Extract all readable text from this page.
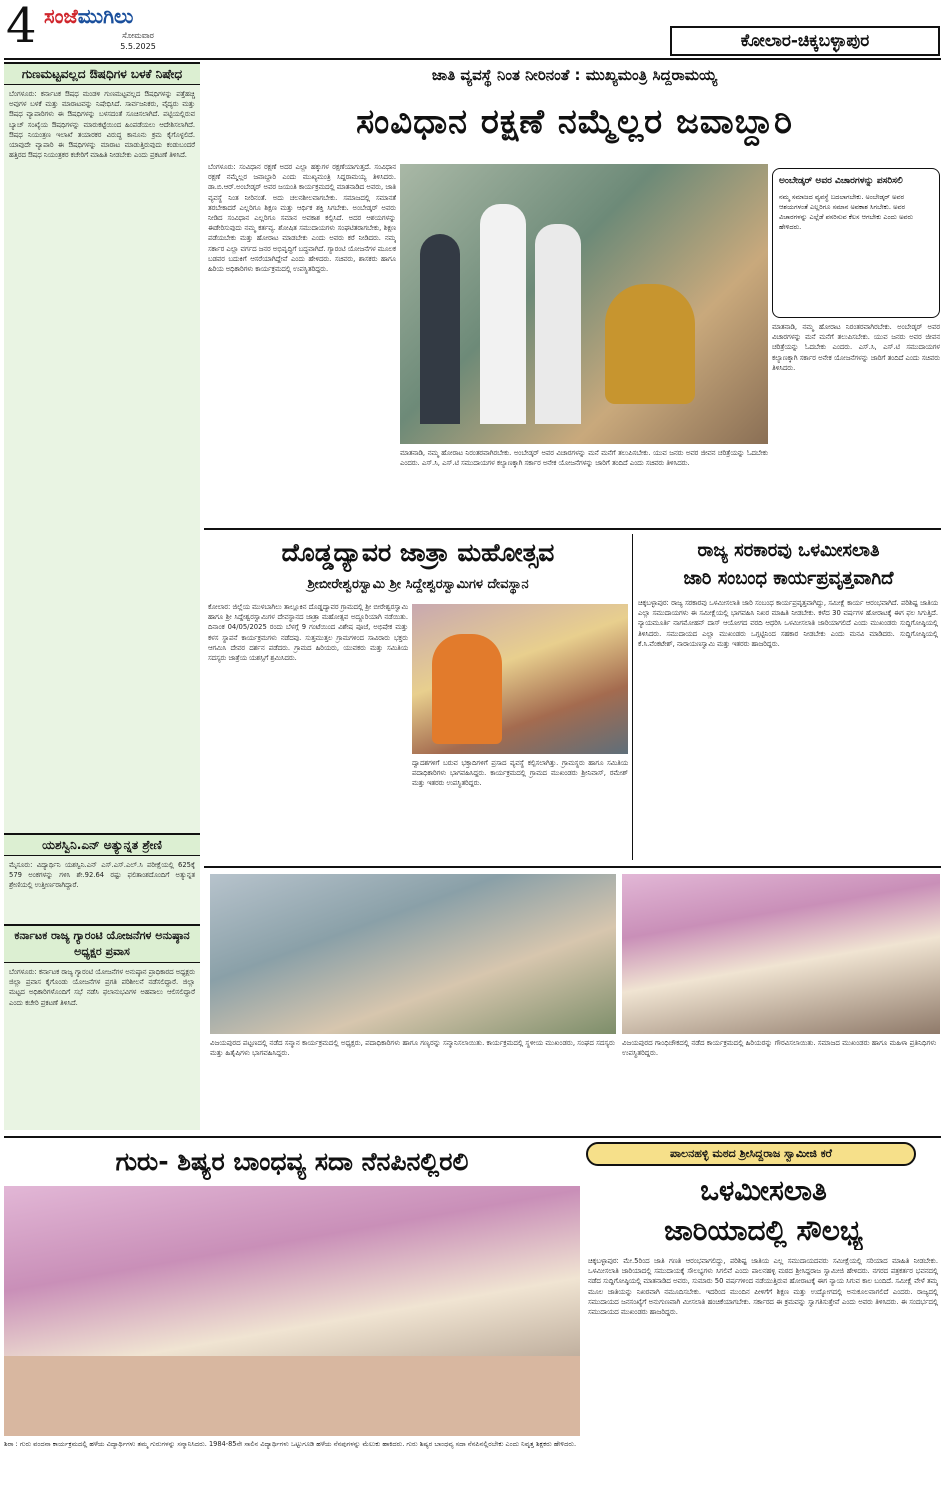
4 ಸಂಜೆಮುಗಿಲು
ಸೋಮವಾರ
5.5.2025	ಕೋಲಾರ-ಚಿಕ್ಕಬಳ್ಳಾಪುರ
ಗುಣಮಟ್ಟವಲ್ಲದ ಔಷಧಿಗಳ ಬಳಕೆ ನಿಷೇಧ
ಬೆಂಗಳೂರು: ಕರ್ನಾಟಕ ಔಷಧ ಮಂಡಳಿ ಗುಣಮಟ್ಟವಲ್ಲದ ಔಷಧಿಗಳನ್ನು ಪತ್ತೆಹಚ್ಚಿ ಅವುಗಳ ಬಳಕೆ ಮತ್ತು ಮಾರಾಟವನ್ನು ನಿಷೇಧಿಸಿದೆ. ಸಾರ್ವಜನಿಕರು, ವೈದ್ಯರು ಮತ್ತು ಔಷಧ ವ್ಯಾಪಾರಿಗಳು ಈ ಔಷಧಿಗಳನ್ನು ಬಳಸದಂತೆ ಸೂಚಿಸಲಾಗಿದೆ. ಪಟ್ಟಿಯಲ್ಲಿರುವ ಬ್ಯಾಚ್ ಸಂಖ್ಯೆಯ ಔಷಧಿಗಳನ್ನು ಮಾರುಕಟ್ಟೆಯಿಂದ ಹಿಂಪಡೆಯಲು ಆದೇಶಿಸಲಾಗಿದೆ. ಔಷಧ ನಿಯಂತ್ರಣ ಇಲಾಖೆ ತಯಾರಕರ ವಿರುದ್ಧ ಕಾನೂನು ಕ್ರಮ ಕೈಗೊಳ್ಳಲಿದೆ. ಯಾವುದೇ ವ್ಯಾಪಾರಿ ಈ ಔಷಧಿಗಳನ್ನು ಮಾರಾಟ ಮಾಡುತ್ತಿರುವುದು ಕಂಡುಬಂದರೆ ಹತ್ತಿರದ ಔಷಧ ನಿಯಂತ್ರಕರ ಕಚೇರಿಗೆ ಮಾಹಿತಿ ನೀಡಬೇಕು ಎಂದು ಪ್ರಕಟಣೆ ತಿಳಿಸಿದೆ.
ಯಶಸ್ವಿನಿ.ಎನ್ ಅತ್ಯುನ್ನತ ಶ್ರೇಣಿ
ಮೈಸೂರು: ವಿದ್ಯಾರ್ಥಿನಿ ಯಶಸ್ವಿನಿ.ಎನ್ ಎಸ್.ಎಸ್.ಎಲ್.ಸಿ ಪರೀಕ್ಷೆಯಲ್ಲಿ 625ಕ್ಕೆ 579 ಅಂಕಗಳನ್ನು ಗಳಿಸಿ ಶೇ.92.64 ರಷ್ಟು ಫಲಿತಾಂಶದೊಂದಿಗೆ ಅತ್ಯುನ್ನತ ಶ್ರೇಣಿಯಲ್ಲಿ ಉತ್ತೀರ್ಣರಾಗಿದ್ದಾರೆ.
ಕರ್ನಾಟಕ ರಾಜ್ಯ ಗ್ಯಾರಂಟಿ ಯೋಜನೆಗಳ ಅನುಷ್ಠಾನ ಅಧ್ಯಕ್ಷರ ಪ್ರವಾಸ
ಬೆಂಗಳೂರು: ಕರ್ನಾಟಕ ರಾಜ್ಯ ಗ್ಯಾರಂಟಿ ಯೋಜನೆಗಳ ಅನುಷ್ಠಾನ ಪ್ರಾಧಿಕಾರದ ಅಧ್ಯಕ್ಷರು ಜಿಲ್ಲಾ ಪ್ರವಾಸ ಕೈಗೊಂಡು ಯೋಜನೆಗಳ ಪ್ರಗತಿ ಪರಿಶೀಲನೆ ನಡೆಸಲಿದ್ದಾರೆ. ಜಿಲ್ಲಾ ಮಟ್ಟದ ಅಧಿಕಾರಿಗಳೊಂದಿಗೆ ಸಭೆ ನಡೆಸಿ ಫಲಾನುಭವಿಗಳ ಅಹವಾಲು ಆಲಿಸಲಿದ್ದಾರೆ ಎಂದು ಕಚೇರಿ ಪ್ರಕಟಣೆ ತಿಳಿಸಿದೆ.
ಜಾತಿ ವ್ಯವಸ್ಥೆ ನಿಂತ ನೀರಿನಂತೆ : ಮುಖ್ಯಮಂತ್ರಿ ಸಿದ್ದರಾಮಯ್ಯ
ಸಂವಿಧಾನ ರಕ್ಷಣೆ ನಮ್ಮೆಲ್ಲರ ಜವಾಬ್ದಾರಿ
ಬೆಂಗಳೂರು: ಸಂವಿಧಾನ ರಕ್ಷಣೆ ಅದರ ಎಲ್ಲಾ ಹಕ್ಕುಗಳ ರಕ್ಷಣೆಯಾಗುತ್ತದೆ. ಸಂವಿಧಾನ ರಕ್ಷಣೆ ನಮ್ಮೆಲ್ಲರ ಜವಾಬ್ದಾರಿ ಎಂದು ಮುಖ್ಯಮಂತ್ರಿ ಸಿದ್ದರಾಮಯ್ಯ ತಿಳಿಸಿದರು. ಡಾ.ಬಿ.ಆರ್.ಅಂಬೇಡ್ಕರ್ ಅವರ ಜಯಂತಿ ಕಾರ್ಯಕ್ರಮದಲ್ಲಿ ಮಾತನಾಡಿದ ಅವರು, ಜಾತಿ ವ್ಯವಸ್ಥೆ ನಿಂತ ನೀರಿನಂತೆ. ಅದು ಚಲನಶೀಲವಾಗಬೇಕು. ಸಮಾಜದಲ್ಲಿ ಸಮಾನತೆ ತರಬೇಕಾದರೆ ಎಲ್ಲರಿಗೂ ಶಿಕ್ಷಣ ಮತ್ತು ಆರ್ಥಿಕ ಶಕ್ತಿ ಸಿಗಬೇಕು. ಅಂಬೇಡ್ಕರ್ ಅವರು ನೀಡಿದ ಸಂವಿಧಾನ ಎಲ್ಲರಿಗೂ ಸಮಾನ ಅವಕಾಶ ಕಲ್ಪಿಸಿದೆ. ಅದರ ಆಶಯಗಳನ್ನು ಈಡೇರಿಸುವುದು ನಮ್ಮ ಕರ್ತವ್ಯ. ಶೋಷಿತ ಸಮುದಾಯಗಳು ಸಂಘಟಿತರಾಗಬೇಕು, ಶಿಕ್ಷಣ ಪಡೆಯಬೇಕು ಮತ್ತು ಹೋರಾಟ ಮಾಡಬೇಕು ಎಂದು ಅವರು ಕರೆ ನೀಡಿದರು. ನಮ್ಮ ಸರ್ಕಾರ ಎಲ್ಲಾ ವರ್ಗದ ಜನರ ಅಭಿವೃದ್ಧಿಗೆ ಬದ್ಧವಾಗಿದೆ. ಗ್ಯಾರಂಟಿ ಯೋಜನೆಗಳ ಮೂಲಕ ಬಡವರ ಬದುಕಿಗೆ ಆಸರೆಯಾಗಿದ್ದೇವೆ ಎಂದು ಹೇಳಿದರು. ಸಚಿವರು, ಶಾಸಕರು ಹಾಗೂ ಹಿರಿಯ ಅಧಿಕಾರಿಗಳು ಕಾರ್ಯಕ್ರಮದಲ್ಲಿ ಉಪಸ್ಥಿತರಿದ್ದರು.
ಅಂಬೇಡ್ಕರ್ ಅವರ ವಿಚಾರಗಳನ್ನು ಪಸರಿಸಲಿ
ನಮ್ಮ ಸಮಾಜದ ವ್ಯವಸ್ಥೆ ಬದಲಾಗಬೇಕು. ಅಂಬೇಡ್ಕರ್ ಅವರ ಆಶಯಗಳಂತೆ ಎಲ್ಲರಿಗೂ ಸಮಾನ ಅವಕಾಶ ಸಿಗಬೇಕು. ಅವರ ವಿಚಾರಗಳನ್ನು ಎಲ್ಲೆಡೆ ಪಸರಿಸುವ ಕೆಲಸ ಆಗಬೇಕು ಎಂದು ಅವರು ಹೇಳಿದರು.
ಮಾತನಾಡಿ, ನಮ್ಮ ಹೋರಾಟ ನಿರಂತರವಾಗಿರಬೇಕು. ಅಂಬೇಡ್ಕರ್ ಅವರ ವಿಚಾರಗಳನ್ನು ಮನೆ ಮನೆಗೆ ತಲುಪಿಸಬೇಕು. ಯುವ ಜನರು ಅವರ ಜೀವನ ಚರಿತ್ರೆಯನ್ನು ಓದಬೇಕು ಎಂದರು. ಎಸ್.ಸಿ, ಎಸ್.ಟಿ ಸಮುದಾಯಗಳ ಕಲ್ಯಾಣಕ್ಕಾಗಿ ಸರ್ಕಾರ ಅನೇಕ ಯೋಜನೆಗಳನ್ನು ಜಾರಿಗೆ ತಂದಿದೆ ಎಂದು ಸಚಿವರು ತಿಳಿಸಿದರು.
ಮಾತನಾಡಿ, ನಮ್ಮ ಹೋರಾಟ ನಿರಂತರವಾಗಿರಬೇಕು. ಅಂಬೇಡ್ಕರ್ ಅವರ ವಿಚಾರಗಳನ್ನು ಮನೆ ಮನೆಗೆ ತಲುಪಿಸಬೇಕು. ಯುವ ಜನರು ಅವರ ಜೀವನ ಚರಿತ್ರೆಯನ್ನು ಓದಬೇಕು ಎಂದರು. ಎಸ್.ಸಿ, ಎಸ್.ಟಿ ಸಮುದಾಯಗಳ ಕಲ್ಯಾಣಕ್ಕಾಗಿ ಸರ್ಕಾರ ಅನೇಕ ಯೋಜನೆಗಳನ್ನು ಜಾರಿಗೆ ತಂದಿದೆ ಎಂದು ಸಚಿವರು ತಿಳಿಸಿದರು.
ದೊಡ್ಡದ್ಯಾವರ ಜಾತ್ರಾ ಮಹೋತ್ಸವ
ಶ್ರೀಬೀರೇಶ್ವರಸ್ವಾಮಿ ಶ್ರೀ ಸಿದ್ದೇಶ್ವರಸ್ವಾಮಿಗಳ ದೇವಸ್ಥಾನ
ಕೋಲಾರ: ಜಿಲ್ಲೆಯ ಮುಳಬಾಗಿಲು ತಾಲ್ಲೂಕಿನ ದೊಡ್ಡದ್ಯಾವರ ಗ್ರಾಮದಲ್ಲಿ ಶ್ರೀ ಬೀರೇಶ್ವರಸ್ವಾಮಿ ಹಾಗೂ ಶ್ರೀ ಸಿದ್ದೇಶ್ವರಸ್ವಾಮಿಗಳ ದೇವಸ್ಥಾನದ ಜಾತ್ರಾ ಮಹೋತ್ಸವ ಅದ್ದೂರಿಯಾಗಿ ನಡೆಯಿತು. ದಿನಾಂಕ 04/05/2025 ರಂದು ಬೆಳಗ್ಗೆ 9 ಗಂಟೆಯಿಂದ ವಿಶೇಷ ಪೂಜೆ, ಅಭಿಷೇಕ ಮತ್ತು ಕಳಸ ಸ್ಥಾಪನೆ ಕಾರ್ಯಕ್ರಮಗಳು ನಡೆದವು. ಸುತ್ತಮುತ್ತಲ ಗ್ರಾಮಗಳಿಂದ ಸಾವಿರಾರು ಭಕ್ತರು ಆಗಮಿಸಿ ದೇವರ ದರ್ಶನ ಪಡೆದರು. ಗ್ರಾಮದ ಹಿರಿಯರು, ಯುವಕರು ಮತ್ತು ಸಮಿತಿಯ ಸದಸ್ಯರು ಜಾತ್ರೆಯ ಯಶಸ್ಸಿಗೆ ಶ್ರಮಿಸಿದರು.
ದ್ವಾದಶಗಳಿಗೆ ಬರುವ ಭಕ್ತಾದಿಗಳಿಗೆ ಪ್ರಸಾದ ವ್ಯವಸ್ಥೆ ಕಲ್ಪಿಸಲಾಗಿತ್ತು. ಗ್ರಾಮಸ್ಥರು ಹಾಗೂ ಸಮಿತಿಯ ಪದಾಧಿಕಾರಿಗಳು ಭಾಗವಹಿಸಿದ್ದರು. ಕಾರ್ಯಕ್ರಮದಲ್ಲಿ ಗ್ರಾಮದ ಮುಖಂಡರು ಶ್ರೀನಿವಾಸ್, ರಮೇಶ್ ಮತ್ತು ಇತರರು ಉಪಸ್ಥಿತರಿದ್ದರು.
ರಾಜ್ಯ ಸರಕಾರವು ಒಳಮೀಸಲಾತಿ
ಜಾರಿ ಸಂಬಂಧ ಕಾರ್ಯಪ್ರವೃತ್ತವಾಗಿದೆ
ಚಿಕ್ಕಬಳ್ಳಾಪುರ: ರಾಜ್ಯ ಸರಕಾರವು ಒಳಮೀಸಲಾತಿ ಜಾರಿ ಸಂಬಂಧ ಕಾರ್ಯಪ್ರವೃತ್ತವಾಗಿದ್ದು, ಸಮೀಕ್ಷೆ ಕಾರ್ಯ ಆರಂಭವಾಗಿದೆ. ಪರಿಶಿಷ್ಟ ಜಾತಿಯ ಎಲ್ಲಾ ಸಮುದಾಯಗಳು ಈ ಸಮೀಕ್ಷೆಯಲ್ಲಿ ಭಾಗವಹಿಸಿ ನಿಖರ ಮಾಹಿತಿ ನೀಡಬೇಕು. ಕಳೆದ 30 ವರ್ಷಗಳ ಹೋರಾಟಕ್ಕೆ ಈಗ ಫಲ ಸಿಗುತ್ತಿದೆ. ನ್ಯಾಯಮೂರ್ತಿ ನಾಗಮೋಹನ್ ದಾಸ್ ಆಯೋಗದ ವರದಿ ಆಧರಿಸಿ ಒಳಮೀಸಲಾತಿ ಜಾರಿಯಾಗಲಿದೆ ಎಂದು ಮುಖಂಡರು ಸುದ್ದಿಗೋಷ್ಠಿಯಲ್ಲಿ ತಿಳಿಸಿದರು. ಸಮುದಾಯದ ಎಲ್ಲಾ ಮುಖಂಡರು ಒಗ್ಗಟ್ಟಿನಿಂದ ಸಹಕಾರ ನೀಡಬೇಕು ಎಂದು ಮನವಿ ಮಾಡಿದರು. ಸುದ್ದಿಗೋಷ್ಠಿಯಲ್ಲಿ ಕೆ.ಸಿ.ವೆಂಕಟೇಶ್, ನಾರಾಯಣಸ್ವಾಮಿ ಮತ್ತು ಇತರರು ಹಾಜರಿದ್ದರು.
ವಿಜಯಪುರದ ಪಟ್ಟಣದಲ್ಲಿ ನಡೆದ ಸನ್ಮಾನ ಕಾರ್ಯಕ್ರಮದಲ್ಲಿ ಅಧ್ಯಕ್ಷರು, ಪದಾಧಿಕಾರಿಗಳು ಹಾಗೂ ಗಣ್ಯರನ್ನು ಸನ್ಮಾನಿಸಲಾಯಿತು. ಕಾರ್ಯಕ್ರಮದಲ್ಲಿ ಸ್ಥಳೀಯ ಮುಖಂಡರು, ಸಂಘದ ಸದಸ್ಯರು ಮತ್ತು ಹಿತೈಷಿಗಳು ಭಾಗವಹಿಸಿದ್ದರು.
ವಿಜಯಪುರದ ಗಾಂಧಿಚೌಕದಲ್ಲಿ ನಡೆದ ಕಾರ್ಯಕ್ರಮದಲ್ಲಿ ಹಿರಿಯರನ್ನು ಗೌರವಿಸಲಾಯಿತು. ಸಮಾಜದ ಮುಖಂಡರು ಹಾಗೂ ಮಹಿಳಾ ಪ್ರತಿನಿಧಿಗಳು ಉಪಸ್ಥಿತರಿದ್ದರು.
ಗುರು- ಶಿಷ್ಯರ ಬಾಂಧವ್ಯ ಸದಾ ನೆನಪಿನಲ್ಲಿರಲಿ
ಶಿರಾ : ಗುರು ವಂದನಾ ಕಾರ್ಯಕ್ರಮದಲ್ಲಿ ಹಳೆಯ ವಿದ್ಯಾರ್ಥಿಗಳು ತಮ್ಮ ಗುರುಗಳನ್ನು ಸನ್ಮಾನಿಸಿದರು. 1984-85ನೇ ಸಾಲಿನ ವಿದ್ಯಾರ್ಥಿಗಳು ಒಟ್ಟುಗೂಡಿ ಹಳೆಯ ನೆನಪುಗಳನ್ನು ಮೆಲುಕು ಹಾಕಿದರು. ಗುರು ಶಿಷ್ಯರ ಬಾಂಧವ್ಯ ಸದಾ ನೆನಪಿನಲ್ಲಿರಬೇಕು ಎಂದು ನಿವೃತ್ತ ಶಿಕ್ಷಕರು ಹೇಳಿದರು.
ಪಾಲನಹಳ್ಳಿ ಮಠದ ಶ್ರೀಸಿದ್ದರಾಜ ಸ್ವಾಮೀಜಿ ಕರೆ
ಒಳಮೀಸಲಾತಿ
ಜಾರಿಯಾದಲ್ಲಿ ಸೌಲಭ್ಯ
ಚಿಕ್ಕಬಳ್ಳಾಪುರ: ಮೇ.5ರಿಂದ ಜಾತಿ ಗಣತಿ ಆರಂಭವಾಗಲಿದ್ದು, ಪರಿಶಿಷ್ಟ ಜಾತಿಯ ಎಲ್ಲ ಸಮುದಾಯದವರು ಸಮೀಕ್ಷೆಯಲ್ಲಿ ಸರಿಯಾದ ಮಾಹಿತಿ ನೀಡಬೇಕು. ಒಳಮೀಸಲಾತಿ ಜಾರಿಯಾದಲ್ಲಿ ಸಮುದಾಯಕ್ಕೆ ಸೌಲಭ್ಯಗಳು ಸಿಗಲಿವೆ ಎಂದು ಪಾಲನಹಳ್ಳಿ ಮಠದ ಶ್ರೀಸಿದ್ದರಾಜ ಸ್ವಾಮೀಜಿ ಹೇಳಿದರು. ನಗರದ ಪತ್ರಕರ್ತರ ಭವನದಲ್ಲಿ ನಡೆದ ಸುದ್ದಿಗೋಷ್ಠಿಯಲ್ಲಿ ಮಾತನಾಡಿದ ಅವರು, ಸುಮಾರು 50 ವರ್ಷಗಳಿಂದ ನಡೆಯುತ್ತಿರುವ ಹೋರಾಟಕ್ಕೆ ಈಗ ನ್ಯಾಯ ಸಿಗುವ ಕಾಲ ಬಂದಿದೆ. ಸಮೀಕ್ಷೆ ವೇಳೆ ತಮ್ಮ ಮೂಲ ಜಾತಿಯನ್ನು ನಿಖರವಾಗಿ ನಮೂದಿಸಬೇಕು. ಇದರಿಂದ ಮುಂದಿನ ಪೀಳಿಗೆಗೆ ಶಿಕ್ಷಣ ಮತ್ತು ಉದ್ಯೋಗದಲ್ಲಿ ಅನುಕೂಲವಾಗಲಿದೆ ಎಂದರು. ರಾಜ್ಯದಲ್ಲಿ ಸಮುದಾಯದ ಜನಸಂಖ್ಯೆಗೆ ಅನುಗುಣವಾಗಿ ಮೀಸಲಾತಿ ಹಂಚಿಕೆಯಾಗಬೇಕು. ಸರ್ಕಾರದ ಈ ಕ್ರಮವನ್ನು ಸ್ವಾಗತಿಸುತ್ತೇವೆ ಎಂದು ಅವರು ತಿಳಿಸಿದರು. ಈ ಸಂದರ್ಭದಲ್ಲಿ ಸಮುದಾಯದ ಮುಖಂಡರು ಹಾಜರಿದ್ದರು.
